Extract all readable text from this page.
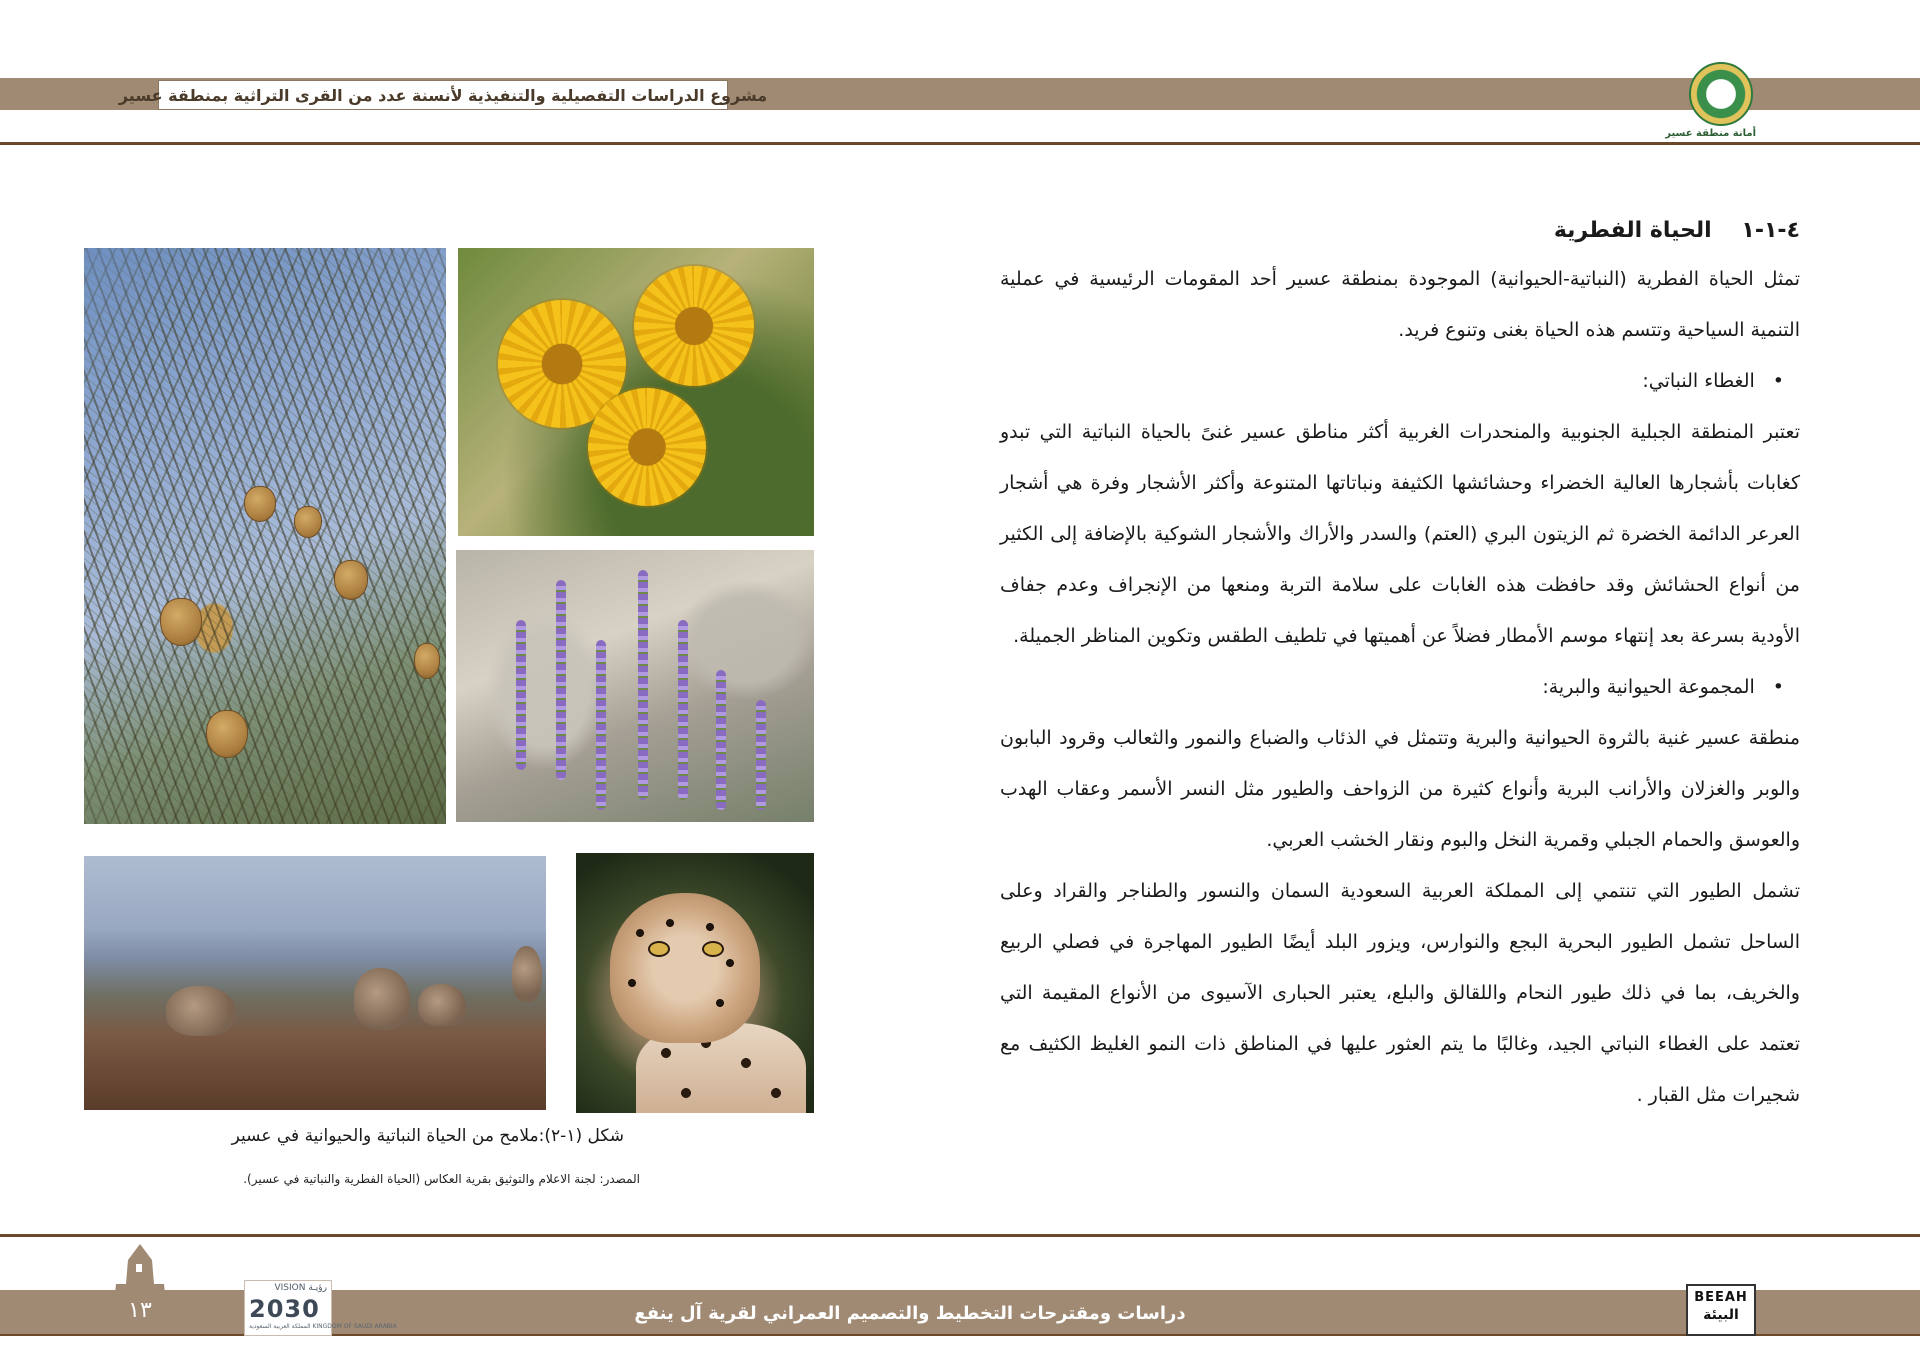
مشروع الدراسات التفصيلية والتنفيذية لأنسنة عدد من القرى التراثية بمنطقة عسير
أمانة منطقة عسير
٤-١-١ الحياة الفطرية

تمثل الحياة الفطرية (النباتية-الحيوانية) الموجودة بمنطقة عسير أحد المقومات الرئيسية في عملية التنمية السياحية وتتسم هذه الحياة بغنى وتنوع فريد.

• الغطاء النباتي:

تعتبر المنطقة الجبلية الجنوبية والمنحدرات الغربية أكثر مناطق عسير غنىً بالحياة النباتية التي تبدو كغابات بأشجارها العالية الخضراء وحشائشها الكثيفة ونباتاتها المتنوعة وأكثر الأشجار وفرة هي أشجار العرعر الدائمة الخضرة ثم الزيتون البري (العتم) والسدر والأراك والأشجار الشوكية بالإضافة إلى الكثير من أنواع الحشائش وقد حافظت هذه الغابات على سلامة التربة ومنعها من الإنجراف وعدم جفاف الأودية بسرعة بعد إنتهاء موسم الأمطار فضلاً عن أهميتها في تلطيف الطقس وتكوين المناظر الجميلة.

• المجموعة الحيوانية والبرية:

منطقة عسير غنية بالثروة الحيوانية والبرية وتتمثل في الذئاب والضباع والنمور والثعالب وقرود البابون والوبر والغزلان والأرانب البرية وأنواع كثيرة من الزواحف والطيور مثل النسر الأسمر وعقاب الهدب والعوسق والحمام الجبلي وقمرية النخل والبوم ونقار الخشب العربي.

تشمل الطيور التي تنتمي إلى المملكة العربية السعودية السمان والنسور والطناجر والقراد وعلى الساحل تشمل الطيور البحرية البجع والنوارس، ويزور البلد أيضًا الطيور المهاجرة في فصلي الربيع والخريف، بما في ذلك طيور النحام واللقالق والبلع، يعتبر الحبارى الآسيوى من الأنواع المقيمة التي تعتمد على الغطاء النباتي الجيد، وغالبًا ما يتم العثور عليها في المناطق ذات النمو الغليظ الكثيف مع شجيرات مثل القبار .

شكل (١-٢):ملامح من الحياة النباتية والحيوانية في عسير
المصدر: لجنة الاعلام والتوثيق بقرية العكاس (الحياة الفطرية والنباتية في عسير).
١٣
VISION رؤيـة
2030
المملكة العربية السعودية KINGDOM OF SAUDI ARABIA
دراسات ومقترحات التخطيط والتصميم العمراني لقرية آل ينفع
BEEAH
البيئة
